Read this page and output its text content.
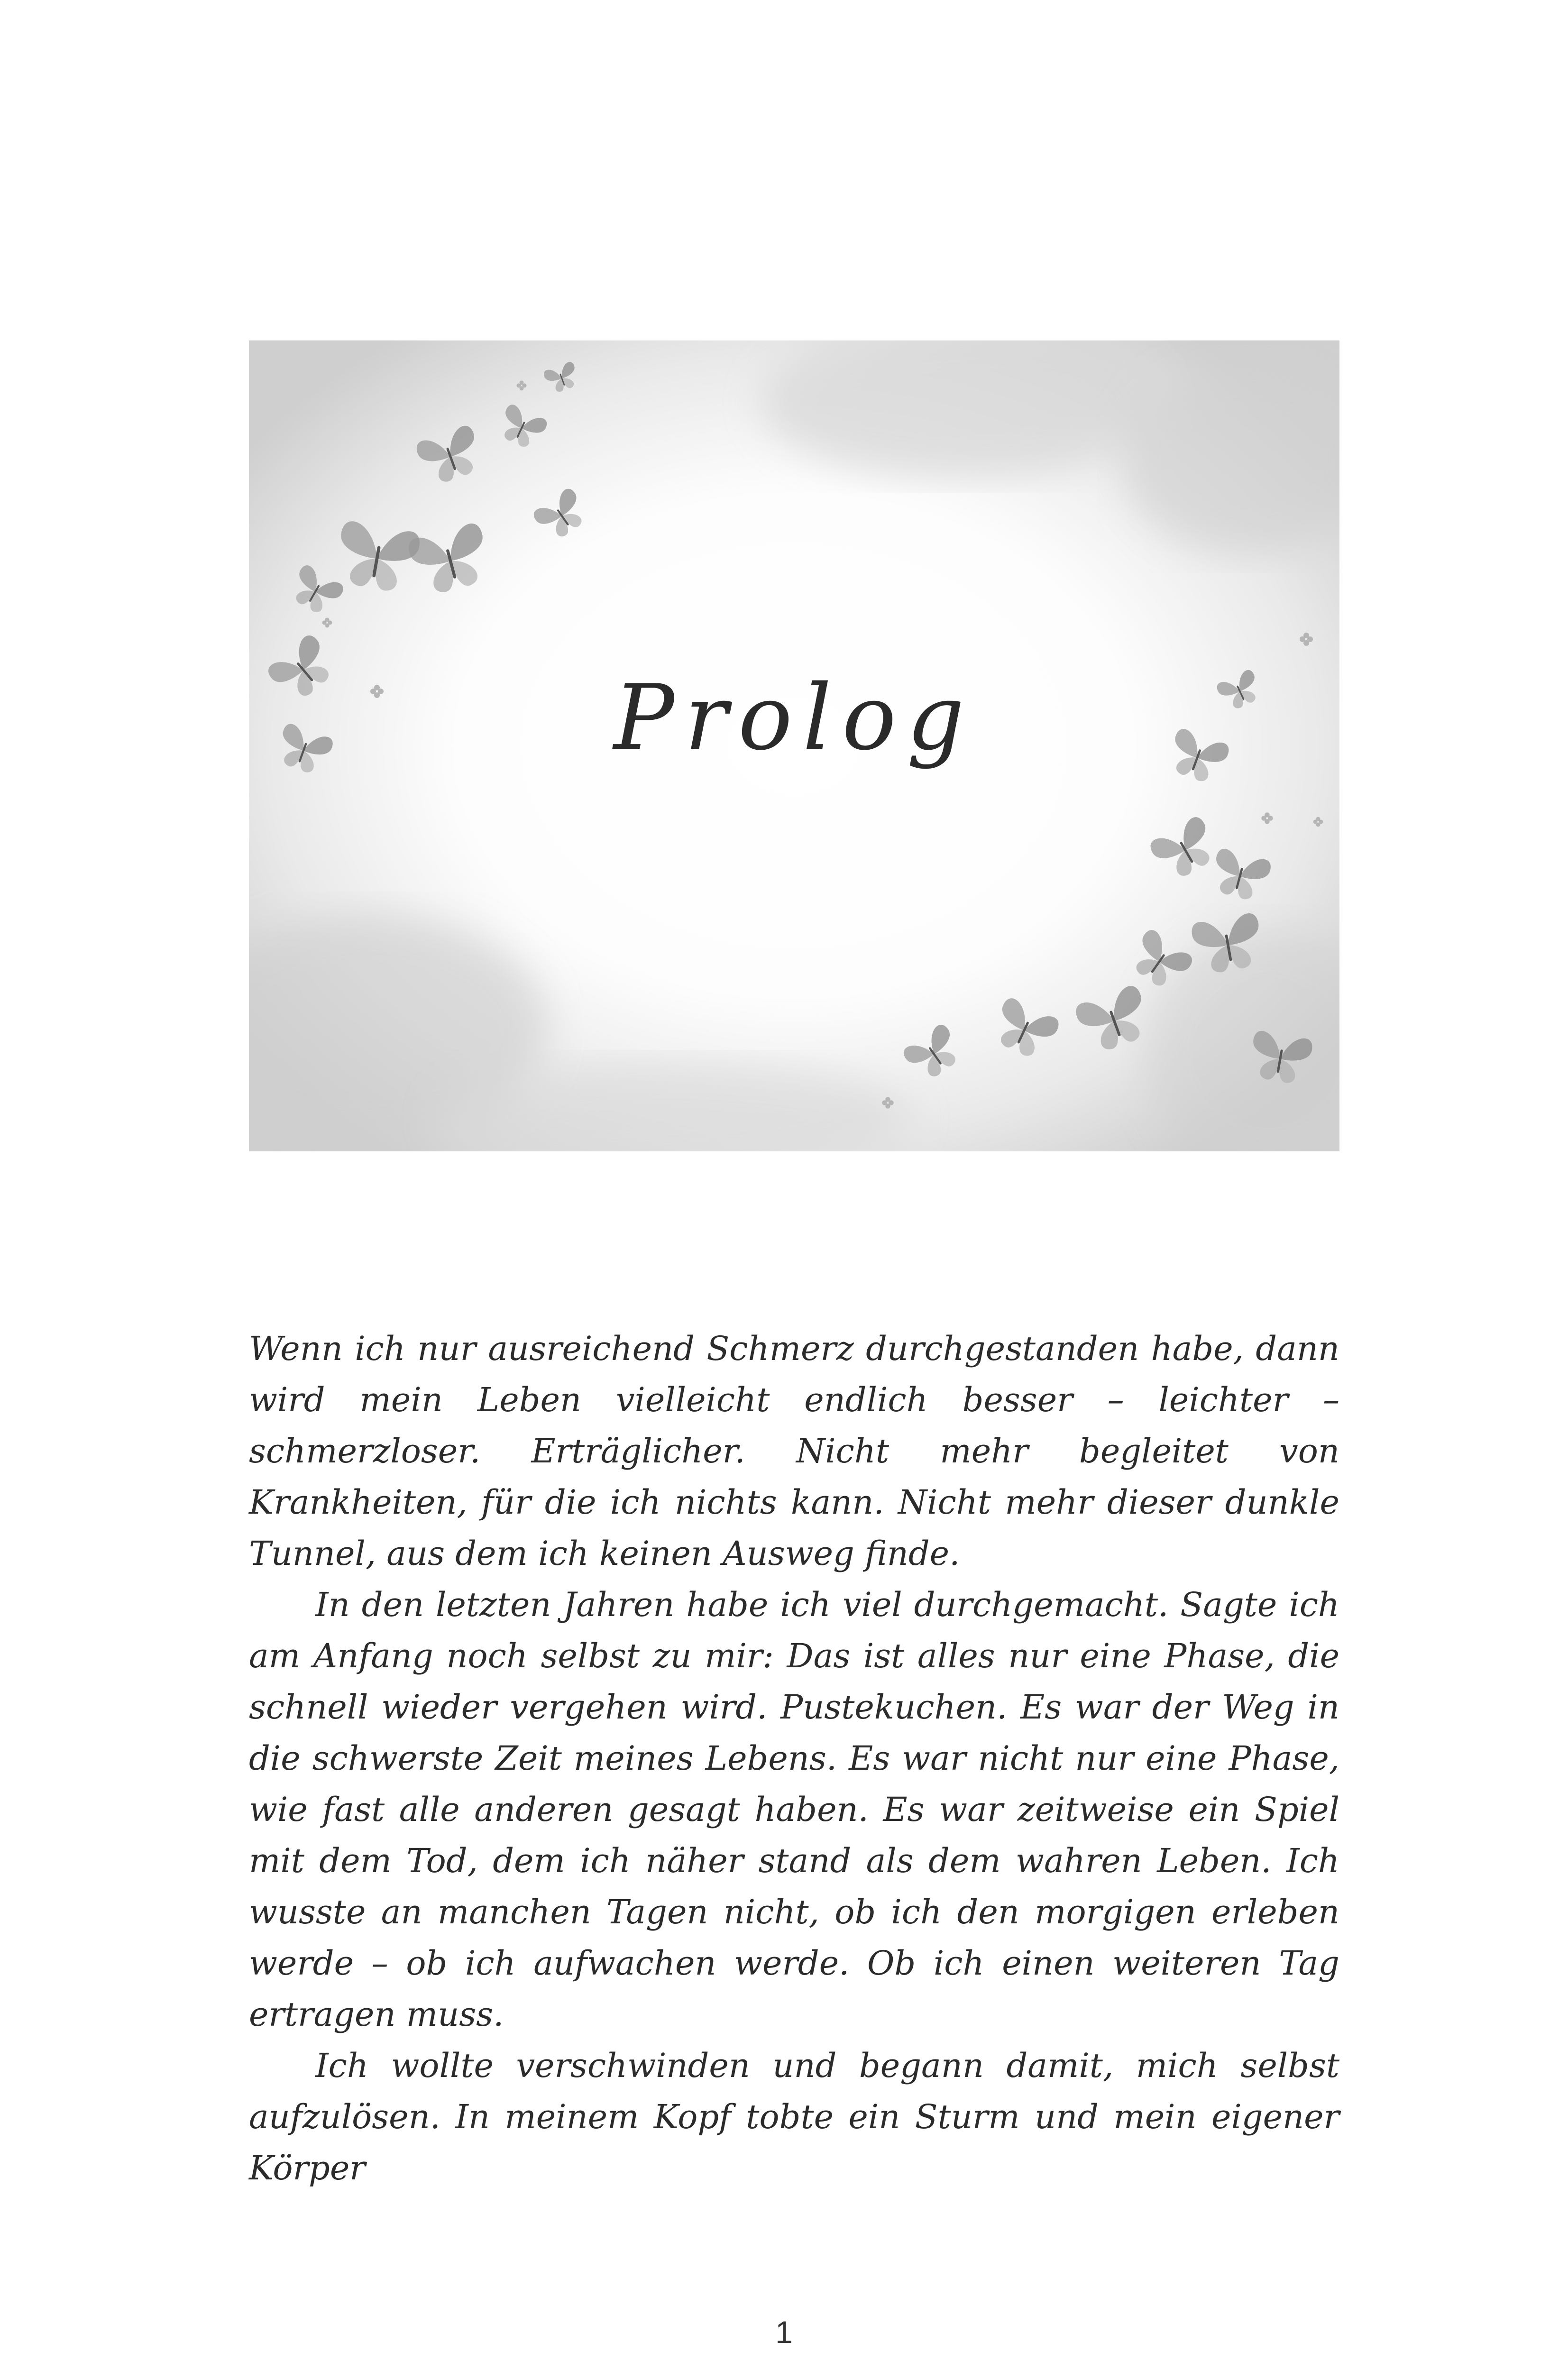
Prolog

Wenn ich nur ausreichend Schmerz durchgestanden habe, dann wird mein Leben vielleicht endlich besser – leichter – schmerzloser. Erträglicher. Nicht mehr begleitet von Krankheiten, für die ich nichts kann. Nicht mehr dieser dunkle Tunnel, aus dem ich keinen Ausweg finde.

In den letzten Jahren habe ich viel durchgemacht. Sagte ich am Anfang noch selbst zu mir: Das ist alles nur eine Phase, die schnell wieder vergehen wird. Pustekuchen. Es war der Weg in die schwerste Zeit meines Lebens. Es war nicht nur eine Phase, wie fast alle anderen gesagt haben. Es war zeitweise ein Spiel mit dem Tod, dem ich näher stand als dem wahren Leben. Ich wusste an manchen Tagen nicht, ob ich den morgigen erleben werde – ob ich aufwachen werde. Ob ich einen weiteren Tag ertragen muss.

Ich wollte verschwinden und begann damit, mich selbst aufzulösen. In meinem Kopf tobte ein Sturm und mein eigener Körper

1
